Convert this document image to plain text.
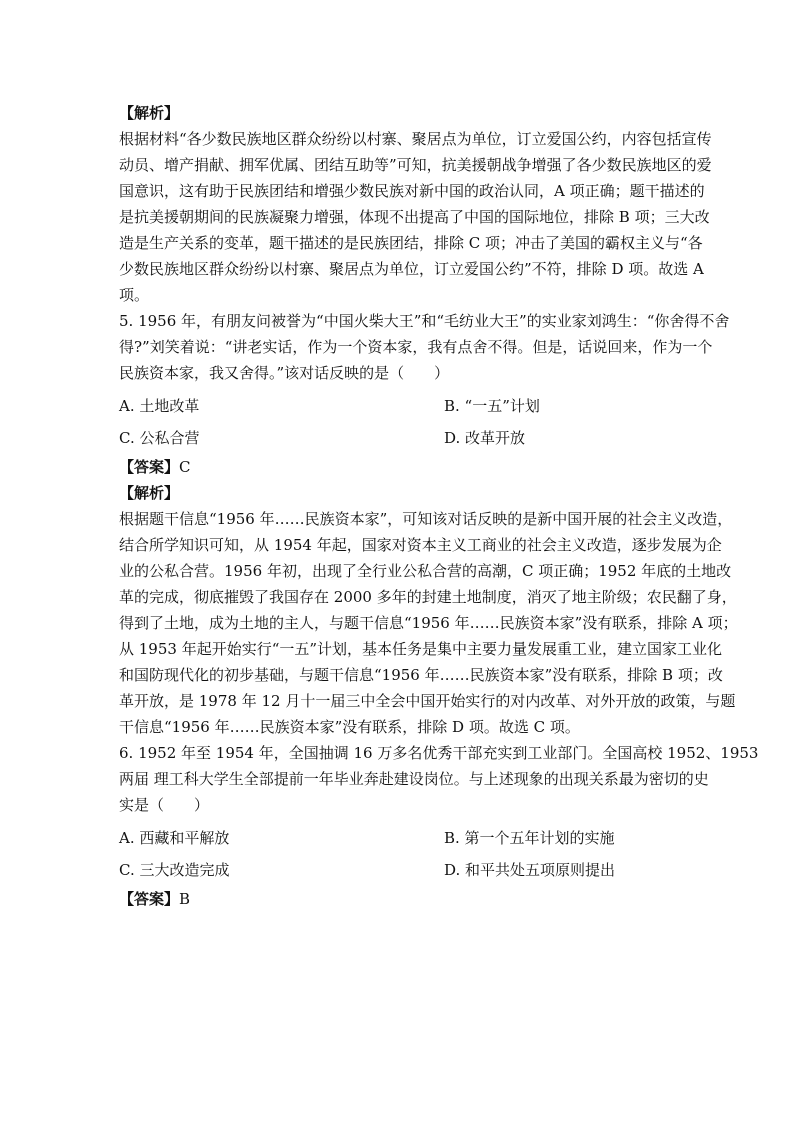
【解析】
根据材料“各少数民族地区群众纷纷以村寨、聚居点为单位，订立爱国公约，内容包括宣传
动员、增产捐献、拥军优属、团结互助等”可知，抗美援朝战争增强了各少数民族地区的爱
国意识，这有助于民族团结和增强少数民族对新中国的政治认同，A 项正确；题干描述的
是抗美援朝期间的民族凝聚力增强，体现不出提高了中国的国际地位，排除 B 项；三大改
造是生产关系的变革，题干描述的是民族团结，排除 C 项；冲击了美国的霸权主义与“各
少数民族地区群众纷纷以村寨、聚居点为单位，订立爱国公约”不符，排除 D 项。故选 A
项。
5. 1956 年，有朋友问被誉为“中国火柴大王”和“毛纺业大王”的实业家刘鸿生：“你舍得不舍
得?”刘笑着说：“讲老实话，作为一个资本家，我有点舍不得。但是，话说回来，作为一个
民族资本家，我又舍得。”该对话反映的是（　　）
A. 土地改革	B. “一五”计划
C. 公私合营	D. 改革开放
【答案】C
【解析】
根据题干信息“1956 年……民族资本家”，可知该对话反映的是新中国开展的社会主义改造，
结合所学知识可知，从 1954 年起，国家对资本主义工商业的社会主义改造，逐步发展为企
业的公私合营。1956 年初，出现了全行业公私合营的高潮，C 项正确；1952 年底的土地改
革的完成，彻底摧毁了我国存在 2000 多年的封建土地制度，消灭了地主阶级；农民翻了身，
得到了土地，成为土地的主人，与题干信息“1956 年……民族资本家”没有联系，排除 A 项；
从 1953 年起开始实行“一五”计划，基本任务是集中主要力量发展重工业，建立国家工业化
和国防现代化的初步基础，与题干信息“1956 年……民族资本家”没有联系，排除 B 项；改
革开放，是 1978 年 12 月十一届三中全会中国开始实行的对内改革、对外开放的政策，与题
干信息“1956 年……民族资本家”没有联系，排除 D 项。故选 C 项。
6. 1952 年至 1954 年，全国抽调 16 万多名优秀干部充实到工业部门。全国高校 1952、1953
两届 理工科大学生全部提前一年毕业奔赴建设岗位。与上述现象的出现关系最为密切的史
实是（　　）
A. 西藏和平解放	B. 第一个五年计划的实施
C. 三大改造完成	D. 和平共处五项原则提出
【答案】B
